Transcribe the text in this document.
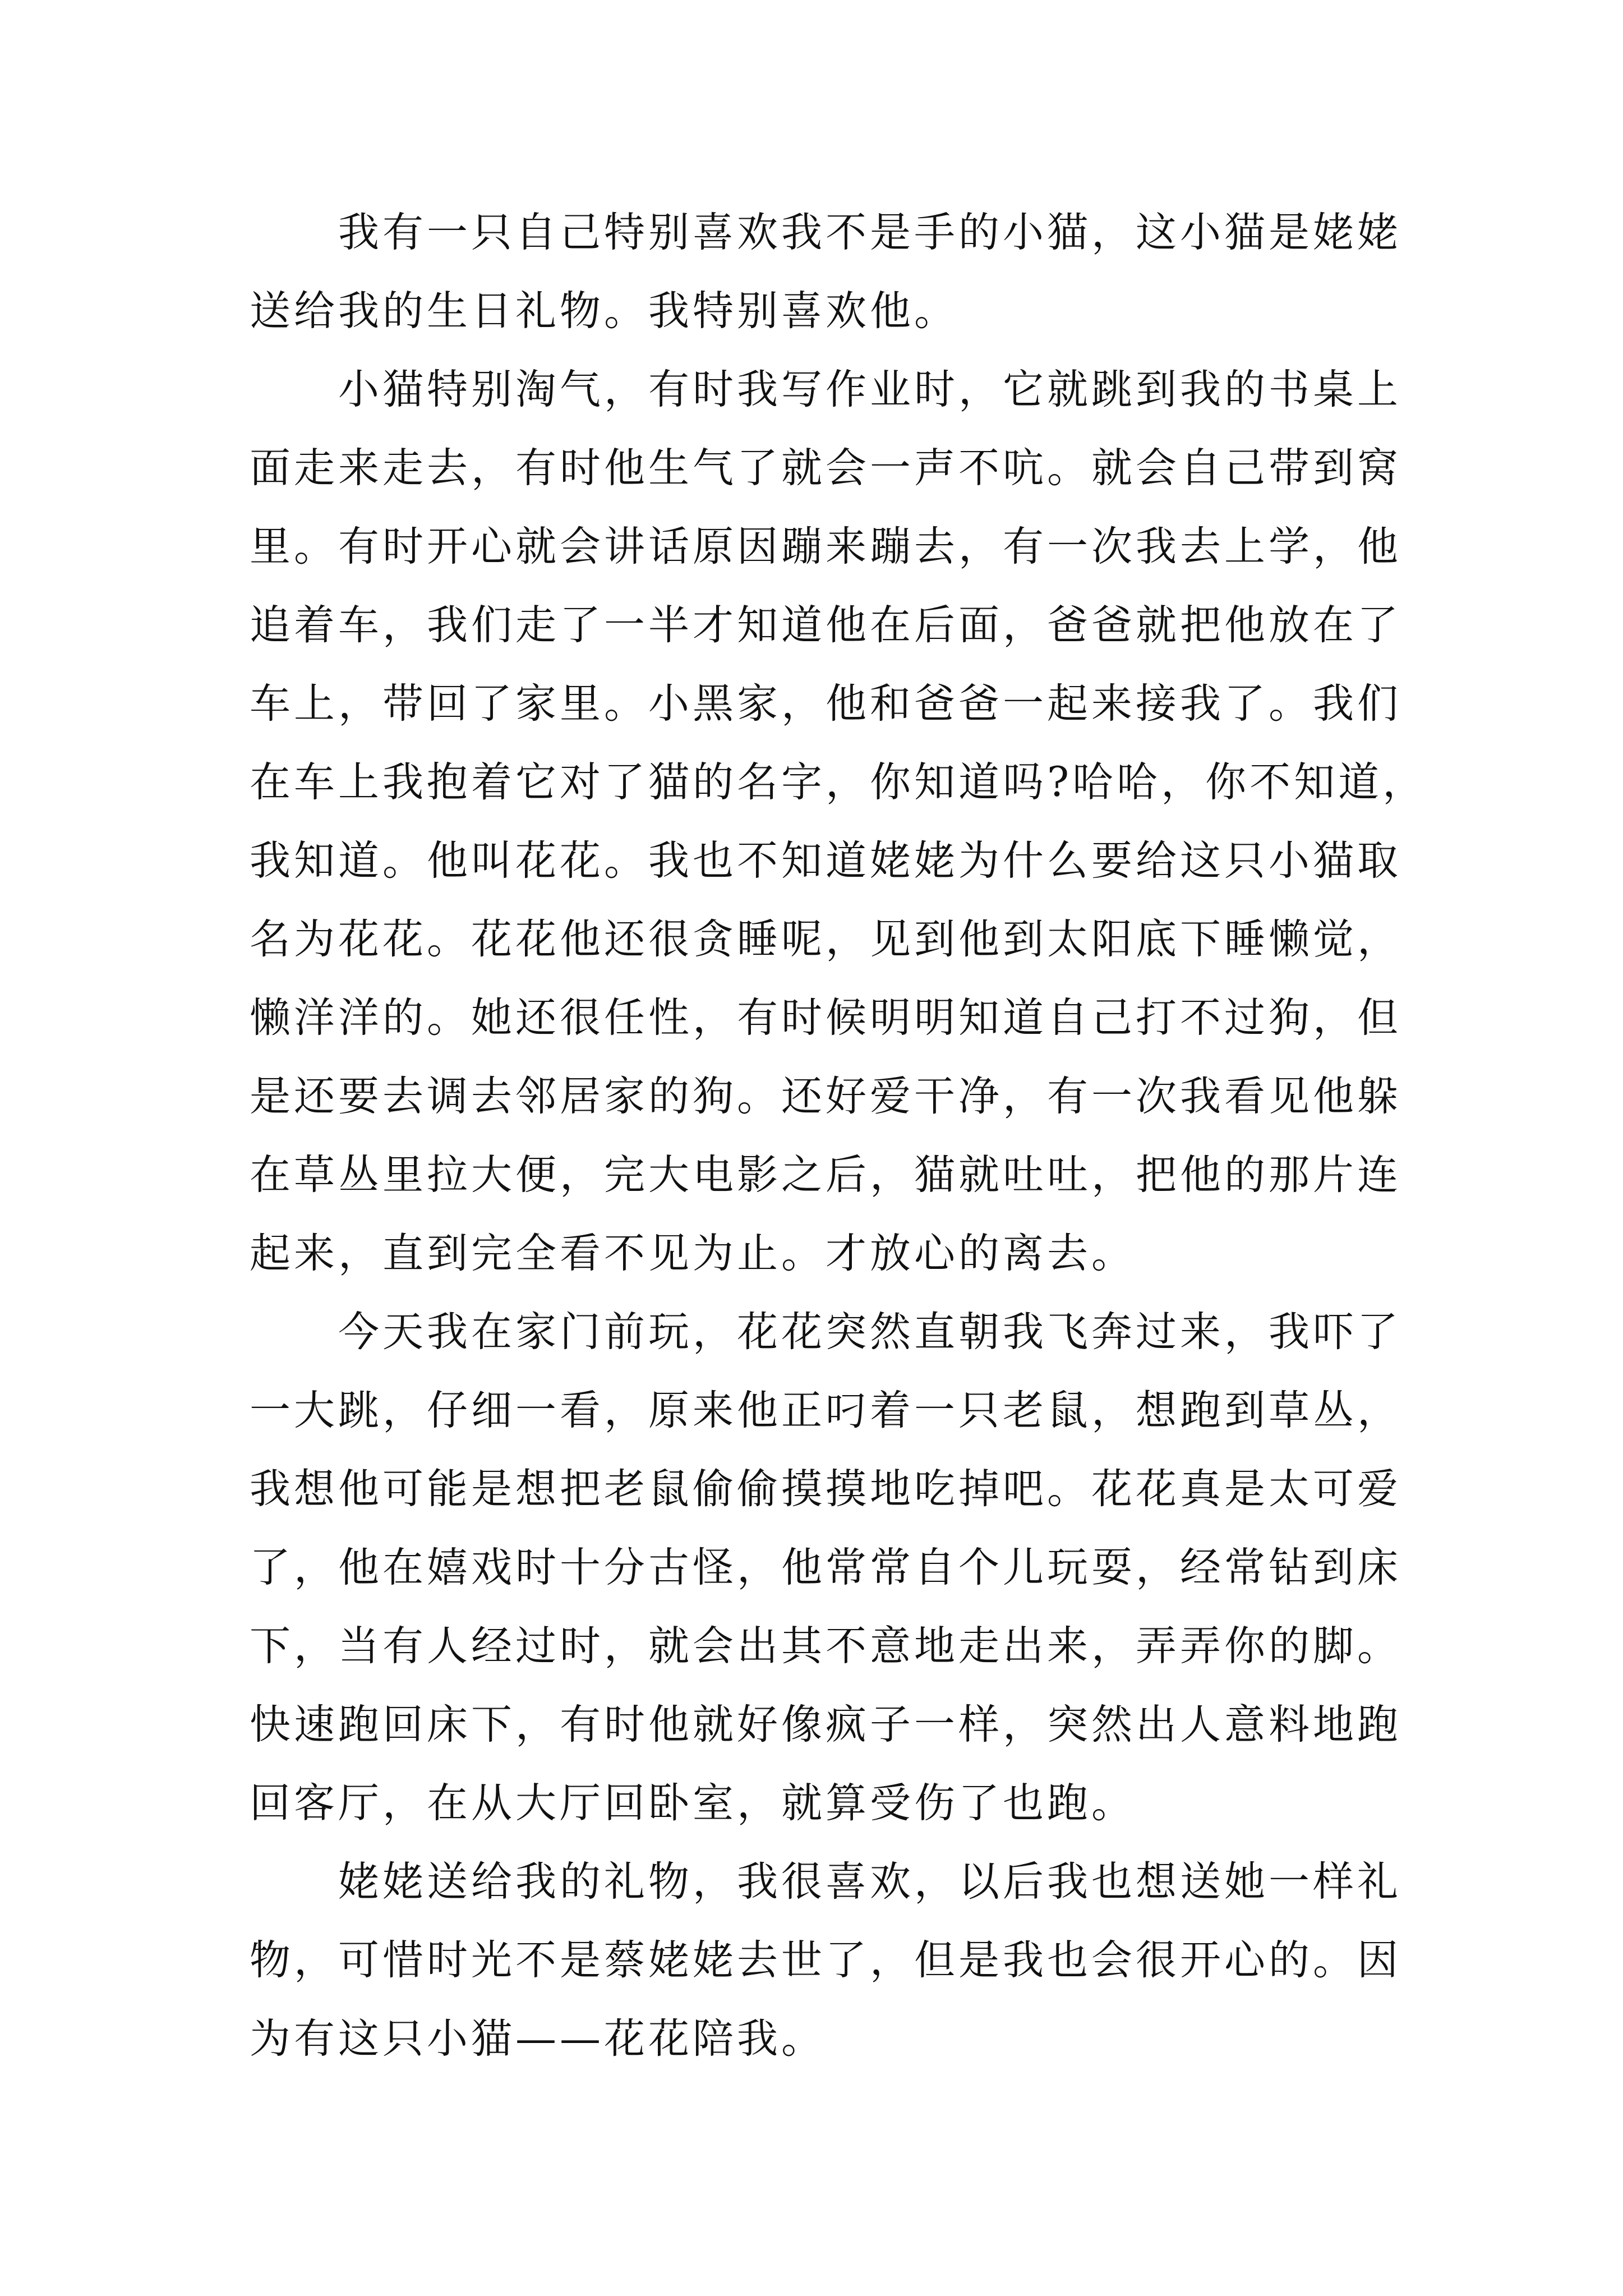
我有一只自己特别喜欢我不是手的小猫，这小猫是姥姥
送给我的生日礼物。我特别喜欢他。
小猫特别淘气，有时我写作业时，它就跳到我的书桌上
面走来走去，有时他生气了就会一声不吭。就会自己带到窝
里。有时开心就会讲话原因蹦来蹦去，有一次我去上学，他
追着车，我们走了一半才知道他在后面，爸爸就把他放在了
车上，带回了家里。小黑家，他和爸爸一起来接我了。我们
在车上我抱着它对了猫的名字，你知道吗?哈哈，你不知道，
我知道。他叫花花。我也不知道姥姥为什么要给这只小猫取
名为花花。花花他还很贪睡呢，见到他到太阳底下睡懒觉，
懒洋洋的。她还很任性，有时候明明知道自己打不过狗，但
是还要去调去邻居家的狗。还好爱干净，有一次我看见他躲
在草丛里拉大便，完大电影之后，猫就吐吐，把他的那片连
起来，直到完全看不见为止。才放心的离去。
今天我在家门前玩，花花突然直朝我飞奔过来，我吓了
一大跳，仔细一看，原来他正叼着一只老鼠，想跑到草丛，
我想他可能是想把老鼠偷偷摸摸地吃掉吧。花花真是太可爱
了，他在嬉戏时十分古怪，他常常自个儿玩耍，经常钻到床
下，当有人经过时，就会出其不意地走出来，弄弄你的脚。
快速跑回床下，有时他就好像疯子一样，突然出人意料地跑
回客厅，在从大厅回卧室，就算受伤了也跑。
姥姥送给我的礼物，我很喜欢，以后我也想送她一样礼
物，可惜时光不是蔡姥姥去世了，但是我也会很开心的。因
为有这只小猫——花花陪我。
